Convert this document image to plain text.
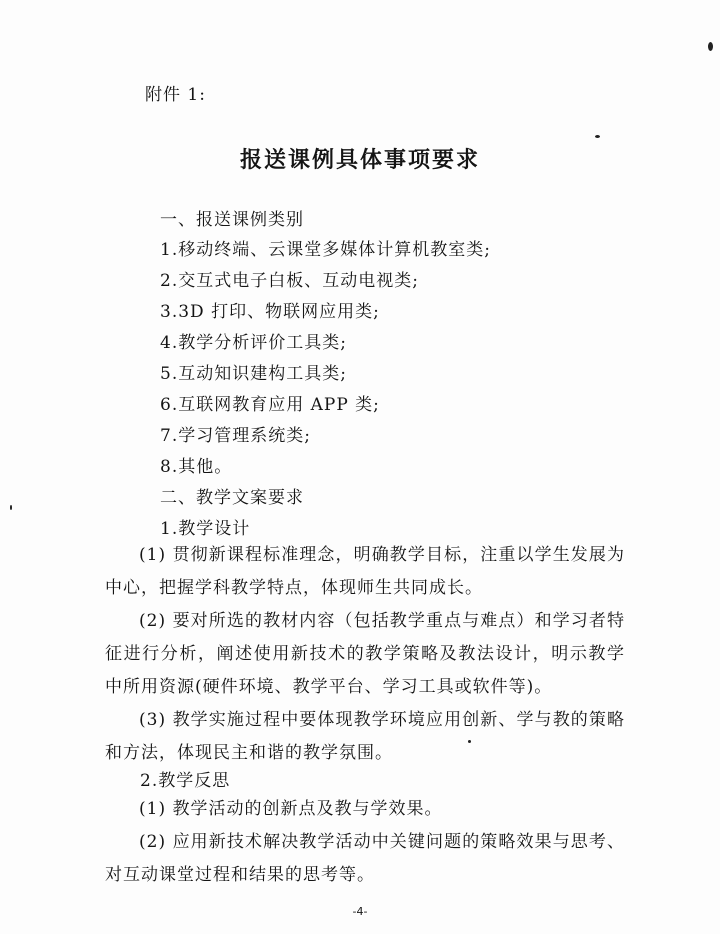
附件 1:
报送课例具体事项要求
一、报送课例类别
1.移动终端、云课堂多媒体计算机教室类;
2.交互式电子白板、互动电视类;
3.3D 打印、物联网应用类;
4.教学分析评价工具类;
5.互动知识建构工具类;
6.互联网教育应用 APP 类;
7.学习管理系统类;
8.其他。
二、教学文案要求
1.教学设计
(1) 贯彻新课程标准理念，明确教学目标，注重以学生发展为中心，把握学科教学特点，体现师生共同成长。
(2) 要对所选的教材内容（包括教学重点与难点）和学习者特征进行分析，阐述使用新技术的教学策略及教法设计，明示教学中所用资源(硬件环境、教学平台、学习工具或软件等)。
(3) 教学实施过程中要体现教学环境应用创新、学与教的策略和方法，体现民主和谐的教学氛围。
2.教学反思
(1) 教学活动的创新点及教与学效果。
(2) 应用新技术解决教学活动中关键问题的策略效果与思考、对互动课堂过程和结果的思考等。
-4-
